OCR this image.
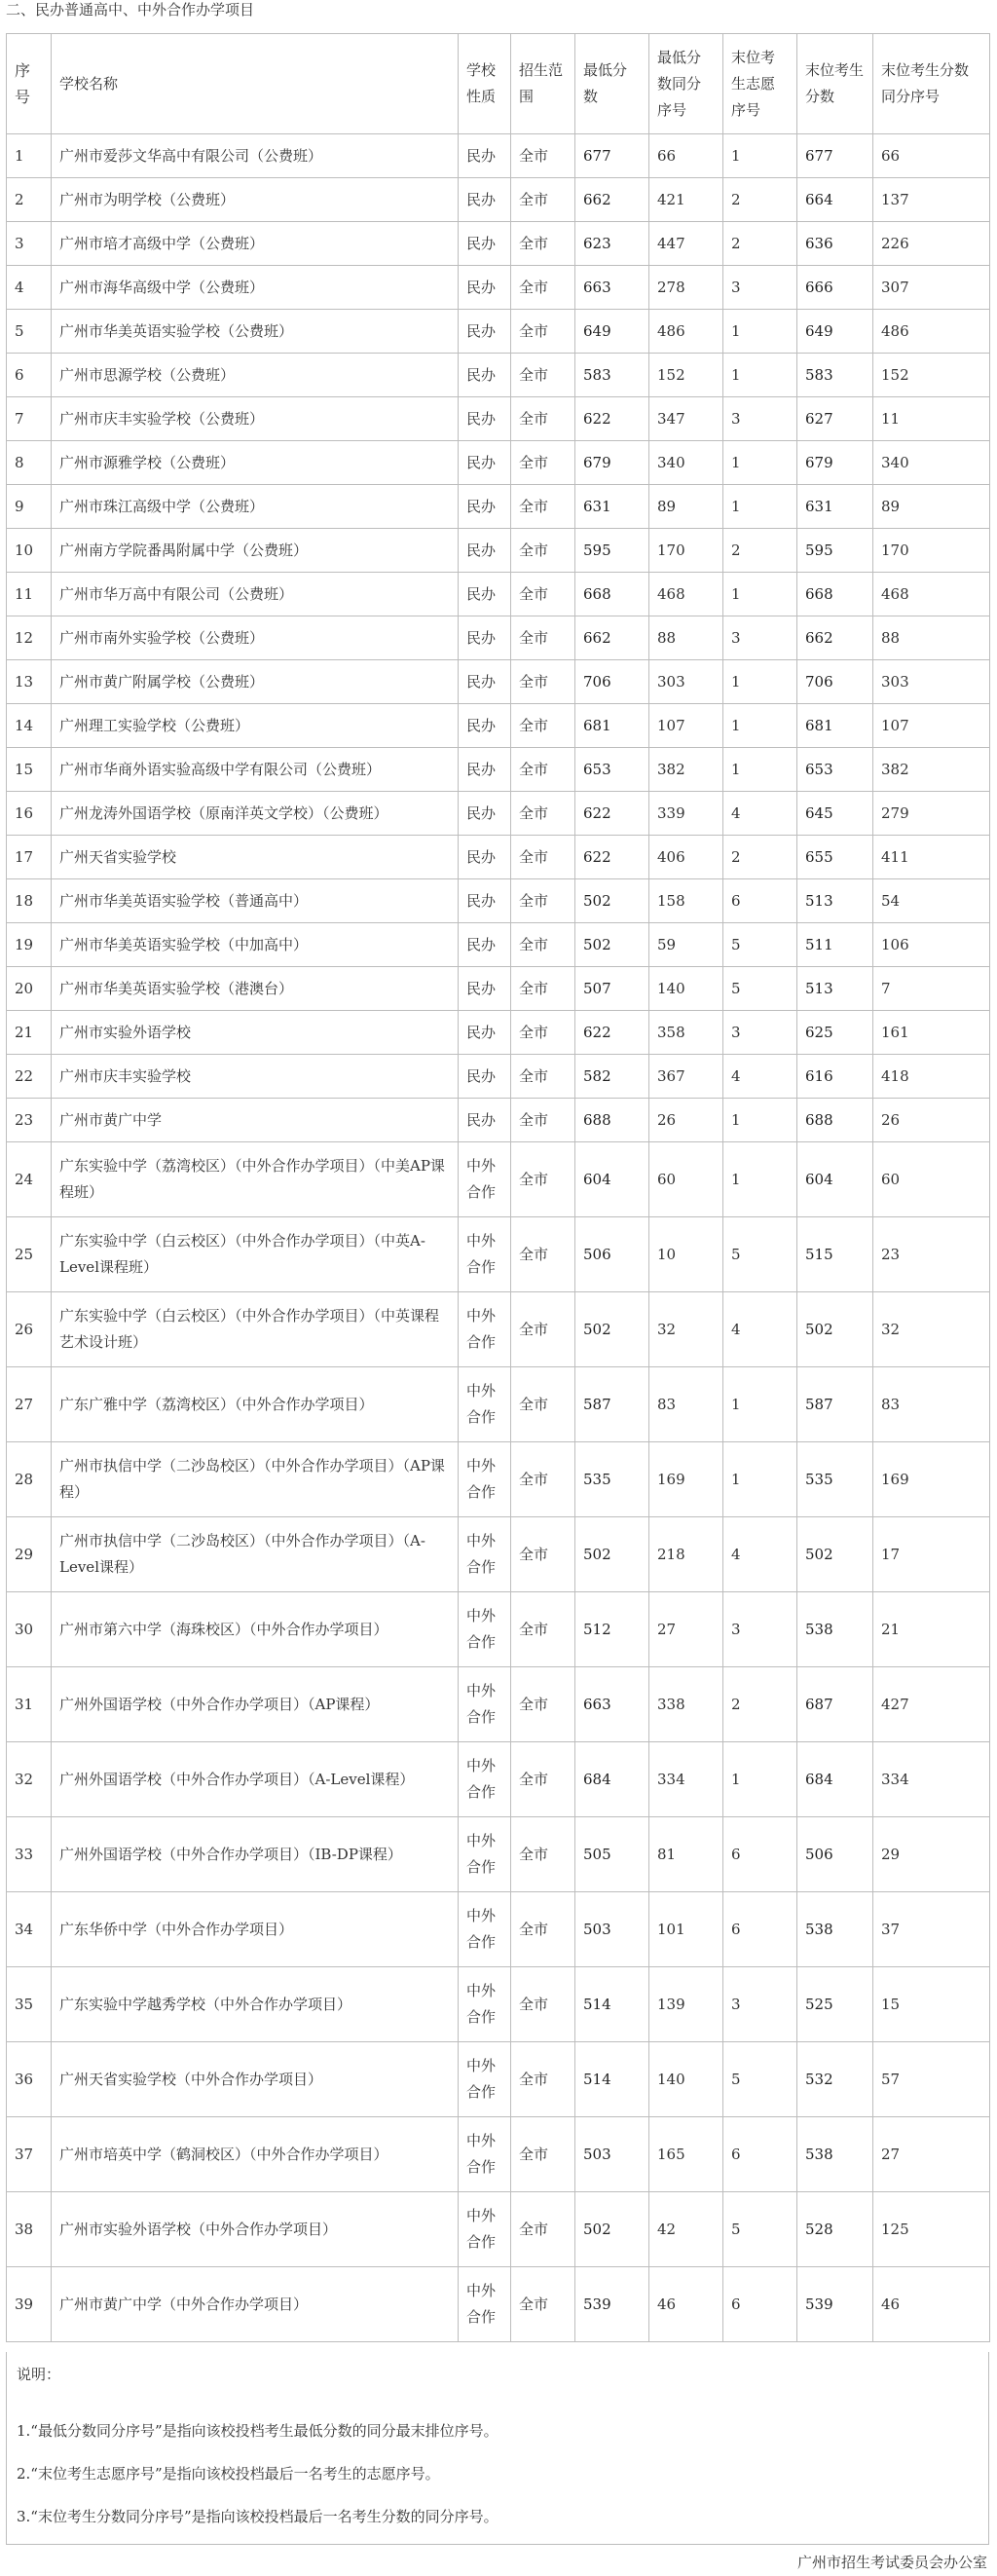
二、民办普通高中、中外合作办学项目
序号	学校名称	学校性质	招生范围	最低分数	最低分数同分序号	末位考生志愿序号	末位考生分数	末位考生分数同分序号
1	广州市爱莎文华高中有限公司（公费班）	民办	全市	677	66	1	677	66
2	广州市为明学校（公费班）	民办	全市	662	421	2	664	137
3	广州市培才高级中学（公费班）	民办	全市	623	447	2	636	226
4	广州市海华高级中学（公费班）	民办	全市	663	278	3	666	307
5	广州市华美英语实验学校（公费班）	民办	全市	649	486	1	649	486
6	广州市思源学校（公费班）	民办	全市	583	152	1	583	152
7	广州市庆丰实验学校（公费班）	民办	全市	622	347	3	627	11
8	广州市源雅学校（公费班）	民办	全市	679	340	1	679	340
9	广州市珠江高级中学（公费班）	民办	全市	631	89	1	631	89
10	广州南方学院番禺附属中学（公费班）	民办	全市	595	170	2	595	170
11	广州市华万高中有限公司（公费班）	民办	全市	668	468	1	668	468
12	广州市南外实验学校（公费班）	民办	全市	662	88	3	662	88
13	广州市黄广附属学校（公费班）	民办	全市	706	303	1	706	303
14	广州理工实验学校（公费班）	民办	全市	681	107	1	681	107
15	广州市华商外语实验高级中学有限公司（公费班）	民办	全市	653	382	1	653	382
16	广州龙涛外国语学校（原南洋英文学校）（公费班）	民办	全市	622	339	4	645	279
17	广州天省实验学校	民办	全市	622	406	2	655	411
18	广州市华美英语实验学校（普通高中）	民办	全市	502	158	6	513	54
19	广州市华美英语实验学校（中加高中）	民办	全市	502	59	5	511	106
20	广州市华美英语实验学校（港澳台）	民办	全市	507	140	5	513	7
21	广州市实验外语学校	民办	全市	622	358	3	625	161
22	广州市庆丰实验学校	民办	全市	582	367	4	616	418
23	广州市黄广中学	民办	全市	688	26	1	688	26
24	广东实验中学（荔湾校区）（中外合作办学项目）（中美AP课程班）	中外合作	全市	604	60	1	604	60
25	广东实验中学（白云校区）（中外合作办学项目）（中英A-Level课程班）	中外合作	全市	506	10	5	515	23
26	广东实验中学（白云校区）（中外合作办学项目）（中英课程艺术设计班）	中外合作	全市	502	32	4	502	32
27	广东广雅中学（荔湾校区）（中外合作办学项目）	中外合作	全市	587	83	1	587	83
28	广州市执信中学（二沙岛校区）（中外合作办学项目）（AP课程）	中外合作	全市	535	169	1	535	169
29	广州市执信中学（二沙岛校区）（中外合作办学项目）（A-Level课程）	中外合作	全市	502	218	4	502	17
30	广州市第六中学（海珠校区）（中外合作办学项目）	中外合作	全市	512	27	3	538	21
31	广州外国语学校（中外合作办学项目）（AP课程）	中外合作	全市	663	338	2	687	427
32	广州外国语学校（中外合作办学项目）（A-Level课程）	中外合作	全市	684	334	1	684	334
33	广州外国语学校（中外合作办学项目）（IB-DP课程）	中外合作	全市	505	81	6	506	29
34	广东华侨中学（中外合作办学项目）	中外合作	全市	503	101	6	538	37
35	广东实验中学越秀学校（中外合作办学项目）	中外合作	全市	514	139	3	525	15
36	广州天省实验学校（中外合作办学项目）	中外合作	全市	514	140	5	532	57
37	广州市培英中学（鹤洞校区）（中外合作办学项目）	中外合作	全市	503	165	6	538	27
38	广州市实验外语学校（中外合作办学项目）	中外合作	全市	502	42	5	528	125
39	广州市黄广中学（中外合作办学项目）	中外合作	全市	539	46	6	539	46
说明：
1.“最低分数同分序号”是指向该校投档考生最低分数的同分最末排位序号。
2.“末位考生志愿序号”是指向该校投档最后一名考生的志愿序号。
3.“末位考生分数同分序号”是指向该校投档最后一名考生分数的同分序号。
广州市招生考试委员会办公室
